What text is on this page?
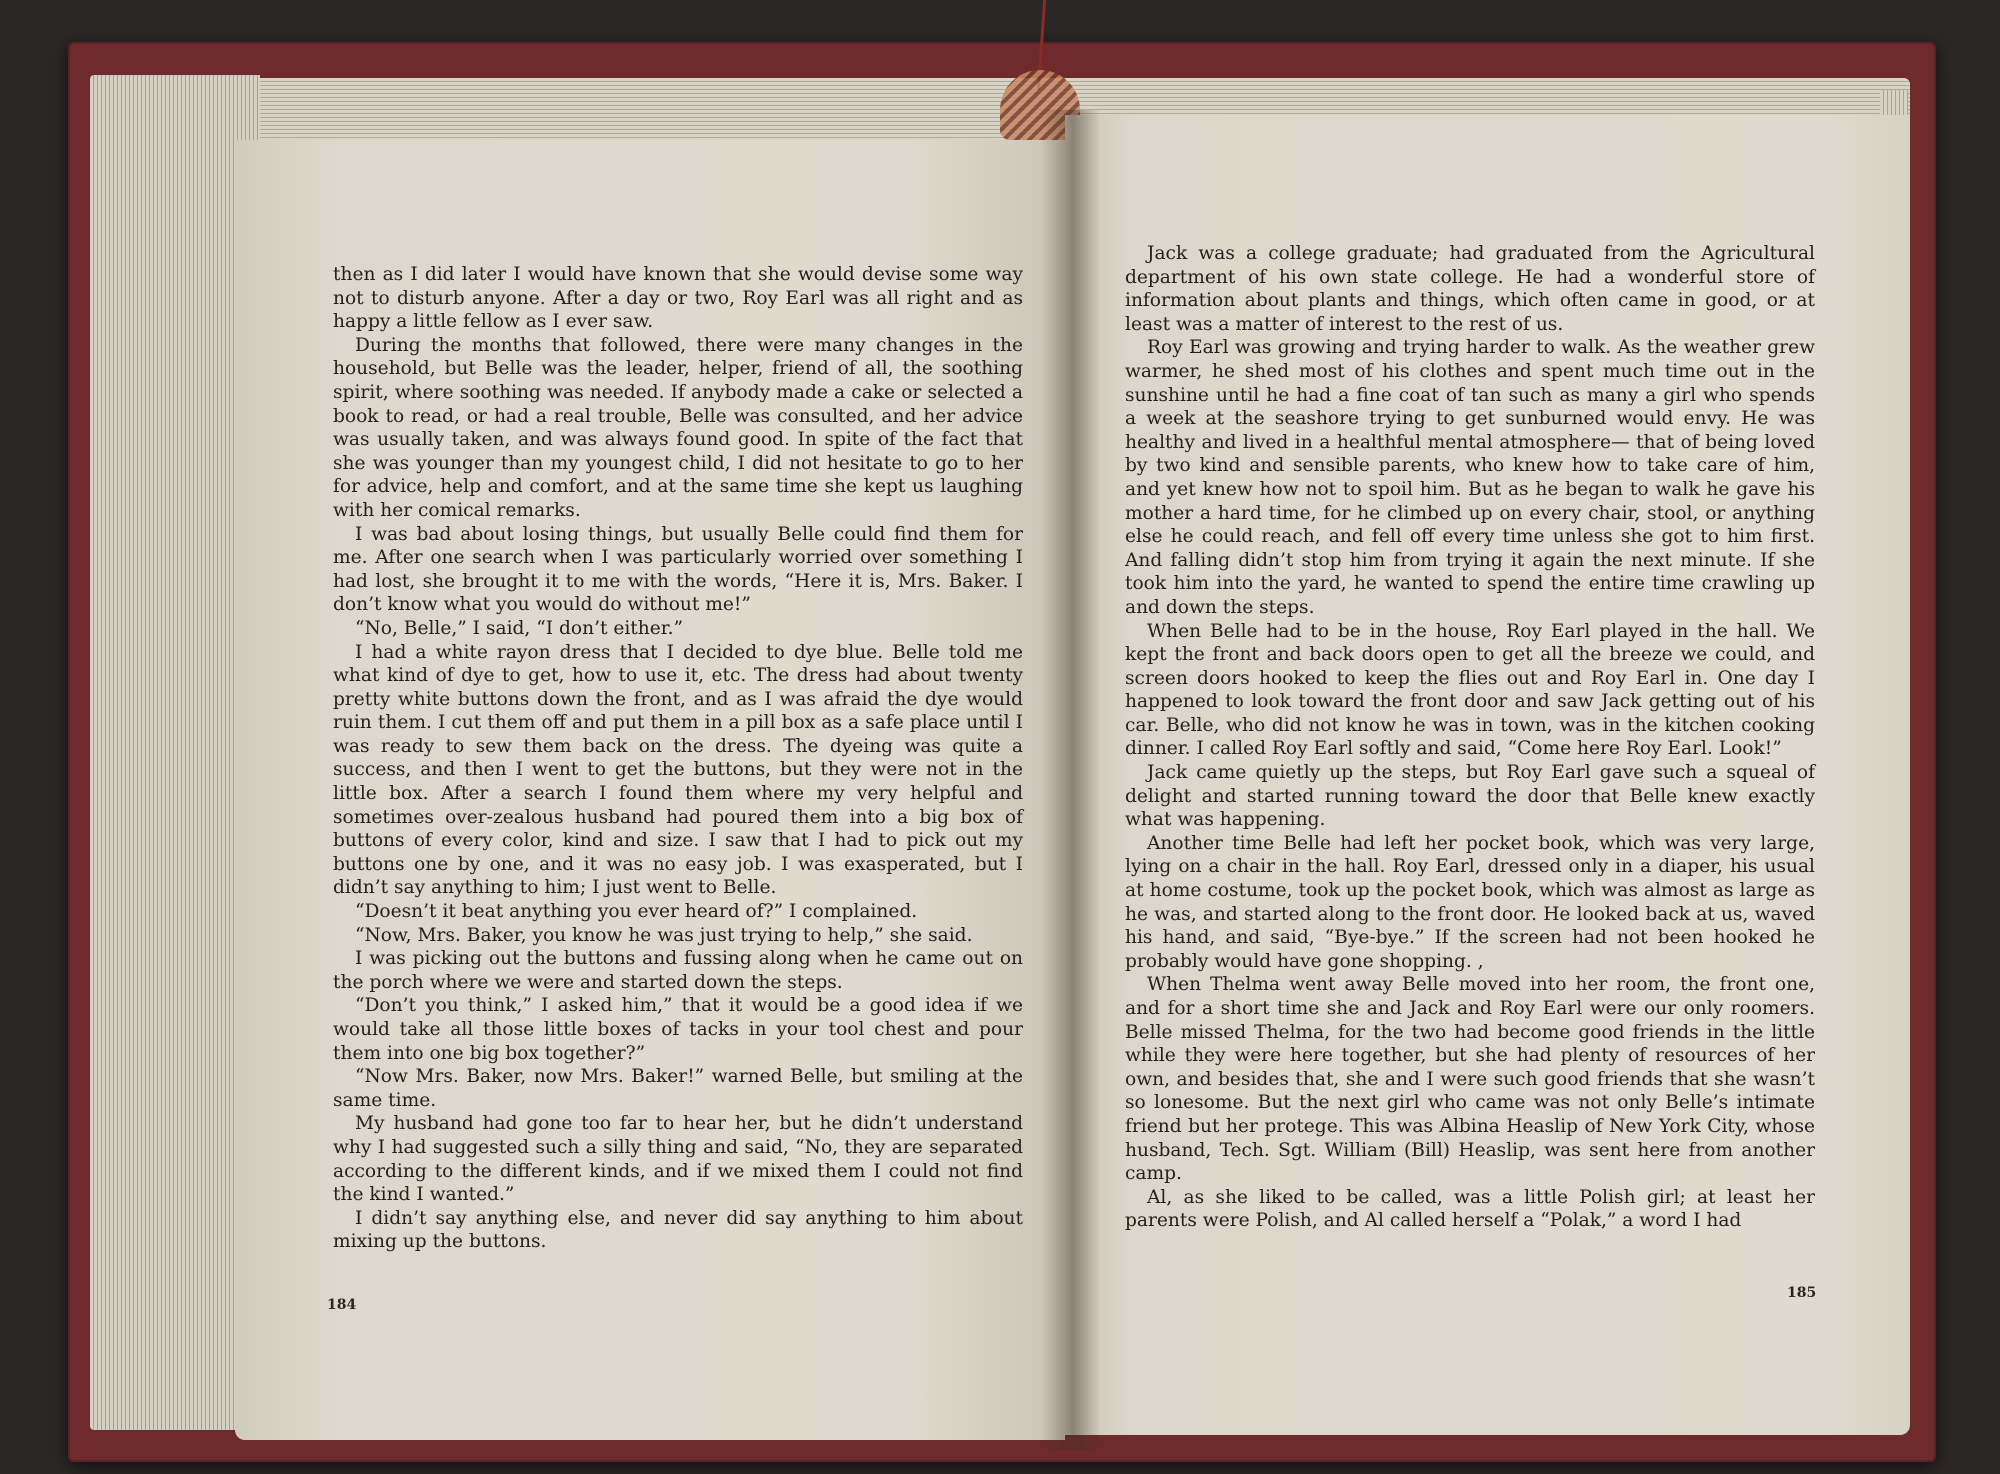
then as I did later I would have known that she would devise some way not to disturb anyone. After a day or two, Roy Earl was all right and as happy a little fellow as I ever saw.

During the months that followed, there were many changes in the household, but Belle was the leader, helper, friend of all, the soothing spirit, where soothing was needed. If anybody made a cake or selected a book to read, or had a real trouble, Belle was consulted, and her advice was usually taken, and was always found good. In spite of the fact that she was younger than my youngest child, I did not hesitate to go to her for advice, help and comfort, and at the same time she kept us laughing with her comical remarks.

I was bad about losing things, but usually Belle could find them for me. After one search when I was particularly worried over something I had lost, she brought it to me with the words, “Here it is, Mrs. Baker. I don’t know what you would do without me!”

“No, Belle,” I said, “I don’t either.”

I had a white rayon dress that I decided to dye blue. Belle told me what kind of dye to get, how to use it, etc. The dress had about twenty pretty white buttons down the front, and as I was afraid the dye would ruin them. I cut them off and put them in a pill box as a safe place until I was ready to sew them back on the dress. The dyeing was quite a success, and then I went to get the buttons, but they were not in the little box. After a search I found them where my very helpful and sometimes over-zealous husband had poured them into a big box of buttons of every color, kind and size. I saw that I had to pick out my buttons one by one, and it was no easy job. I was exasperated, but I didn’t say anything to him; I just went to Belle.

“Doesn’t it beat anything you ever heard of?” I complained.

“Now, Mrs. Baker, you know he was just trying to help,” she said.

I was picking out the buttons and fussing along when he came out on the porch where we were and started down the steps.

“Don’t you think,” I asked him,” that it would be a good idea if we would take all those little boxes of tacks in your tool chest and pour them into one big box together?”

“Now Mrs. Baker, now Mrs. Baker!” warned Belle, but smiling at the same time.

My husband had gone too far to hear her, but he didn’t understand why I had suggested such a silly thing and said, “No, they are separated according to the different kinds, and if we mixed them I could not find the kind I wanted.”

I didn’t say anything else, and never did say anything to him about mixing up the buttons.

184

Jack was a college graduate; had graduated from the Agricultural department of his own state college. He had a wonderful store of information about plants and things, which often came in good, or at least was a matter of interest to the rest of us.

Roy Earl was growing and trying harder to walk. As the weather grew warmer, he shed most of his clothes and spent much time out in the sunshine until he had a fine coat of tan such as many a girl who spends a week at the seashore trying to get sunburned would envy. He was healthy and lived in a healthful mental atmosphere— that of being loved by two kind and sensible parents, who knew how to take care of him, and yet knew how not to spoil him. But as he began to walk he gave his mother a hard time, for he climbed up on every chair, stool, or anything else he could reach, and fell off every time unless she got to him first. And falling didn’t stop him from trying it again the next minute. If she took him into the yard, he wanted to spend the entire time crawling up and down the steps.

When Belle had to be in the house, Roy Earl played in the hall. We kept the front and back doors open to get all the breeze we could, and screen doors hooked to keep the flies out and Roy Earl in. One day I happened to look toward the front door and saw Jack getting out of his car. Belle, who did not know he was in town, was in the kitchen cooking dinner. I called Roy Earl softly and said, “Come here Roy Earl. Look!”

Jack came quietly up the steps, but Roy Earl gave such a squeal of delight and started running toward the door that Belle knew exactly what was happening.

Another time Belle had left her pocket book, which was very large, lying on a chair in the hall. Roy Earl, dressed only in a diaper, his usual at home costume, took up the pocket book, which was almost as large as he was, and started along to the front door. He looked back at us, waved his hand, and said, “Bye-bye.” If the screen had not been hooked he probably would have gone shopping. ,

When Thelma went away Belle moved into her room, the front one, and for a short time she and Jack and Roy Earl were our only roomers. Belle missed Thelma, for the two had become good friends in the little while they were here together, but she had plenty of resources of her own, and besides that, she and I were such good friends that she wasn’t so lonesome. But the next girl who came was not only Belle’s intimate friend but her protege. This was Albina Heaslip of New York City, whose husband, Tech. Sgt. William (Bill) Heaslip, was sent here from another camp.

Al, as she liked to be called, was a little Polish girl; at least her parents were Polish, and Al called herself a “Polak,” a word I had

185
